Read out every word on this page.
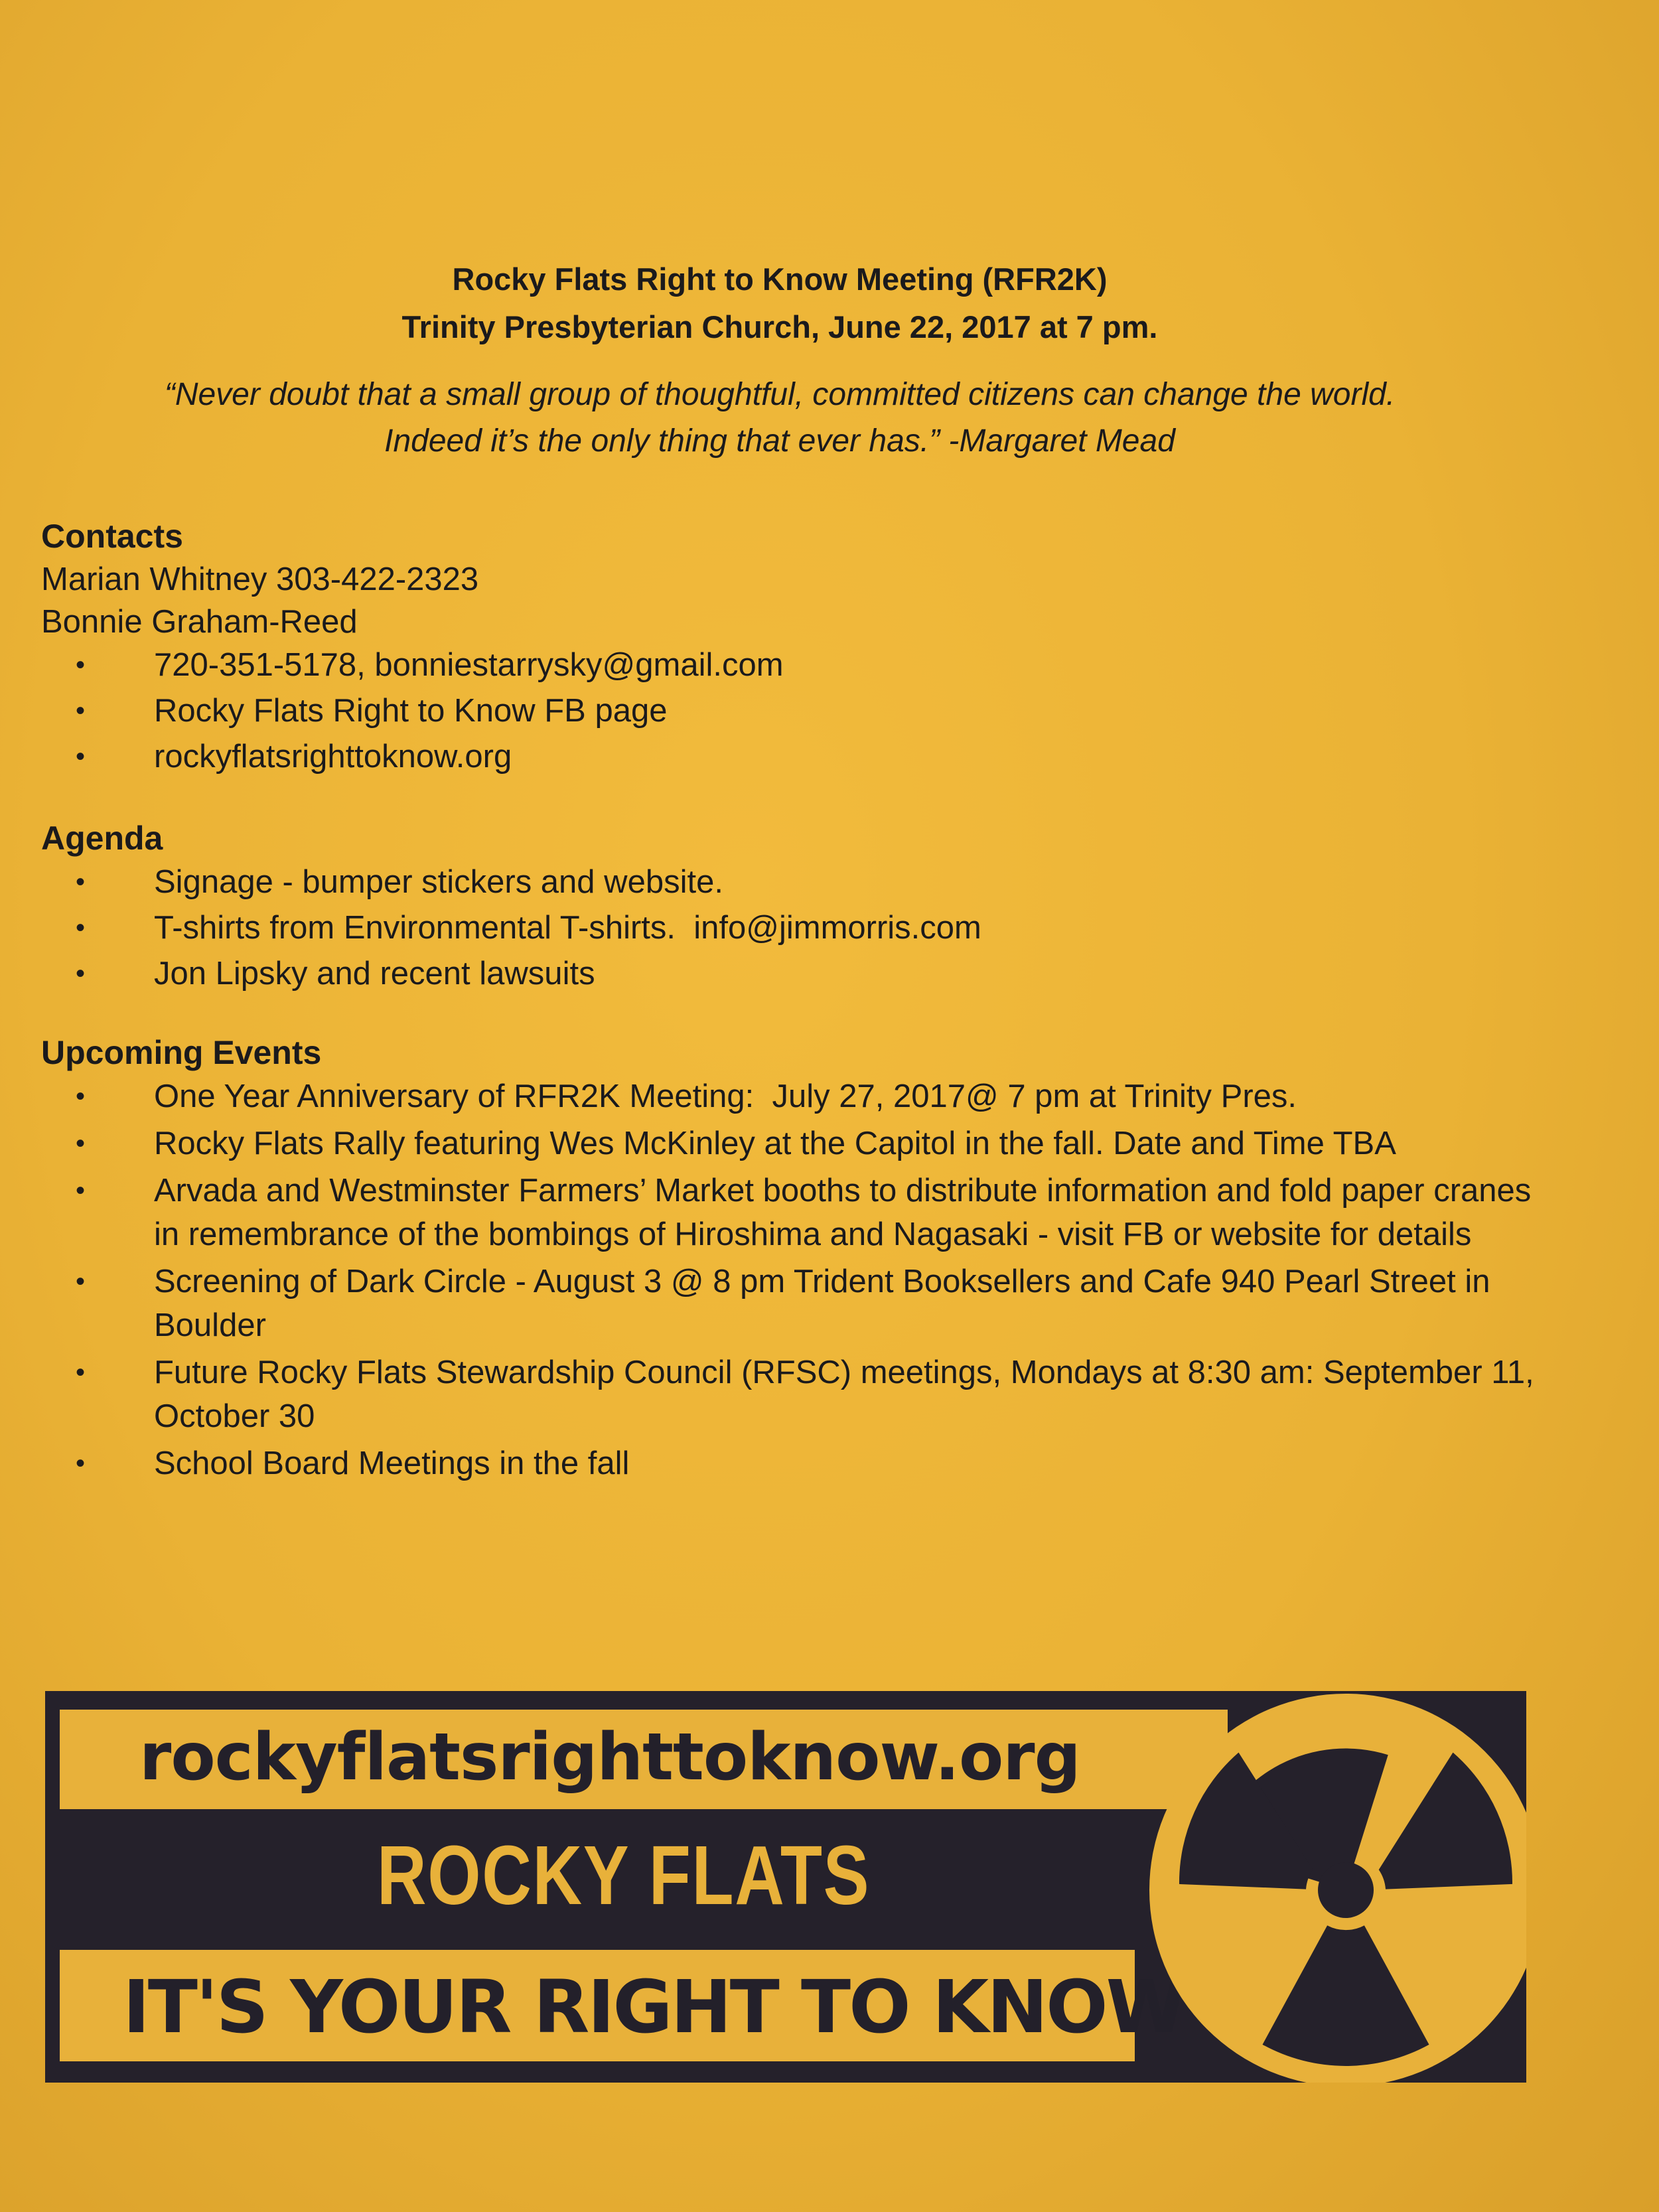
Rocky Flats Right to Know Meeting (RFR2K)
Trinity Presbyterian Church, June 22, 2017 at 7 pm.
“Never doubt that a small group of thoughtful, committed citizens can change the world.
Indeed it’s the only thing that ever has.” -Margaret Mead
Contacts
Marian Whitney 303-422-2323
Bonnie Graham-Reed
• 720-351-5178, bonniestarrysky@gmail.com
• Rocky Flats Right to Know FB page
• rockyflatsrighttoknow.org
Agenda
• Signage - bumper stickers and website.
• T-shirts from Environmental T-shirts.  info@jimmorris.com
• Jon Lipsky and recent lawsuits
Upcoming Events
• One Year Anniversary of RFR2K Meeting:  July 27, 2017@ 7 pm at Trinity Pres.
• Rocky Flats Rally featuring Wes McKinley at the Capitol in the fall. Date and Time TBA
• Arvada and Westminster Farmers’ Market booths to distribute information and fold paper cranes in remembrance of the bombings of Hiroshima and Nagasaki - visit FB or website for details
• Screening of Dark Circle - August 3 @ 8 pm Trident Booksellers and Cafe 940 Pearl Street in Boulder
• Future Rocky Flats Stewardship Council (RFSC) meetings, Mondays at 8:30 am: September 11, October 30
• School Board Meetings in the fall
rockyflatsrighttoknow.org
ROCKY FLATS
IT'S YOUR RIGHT TO KNOW
